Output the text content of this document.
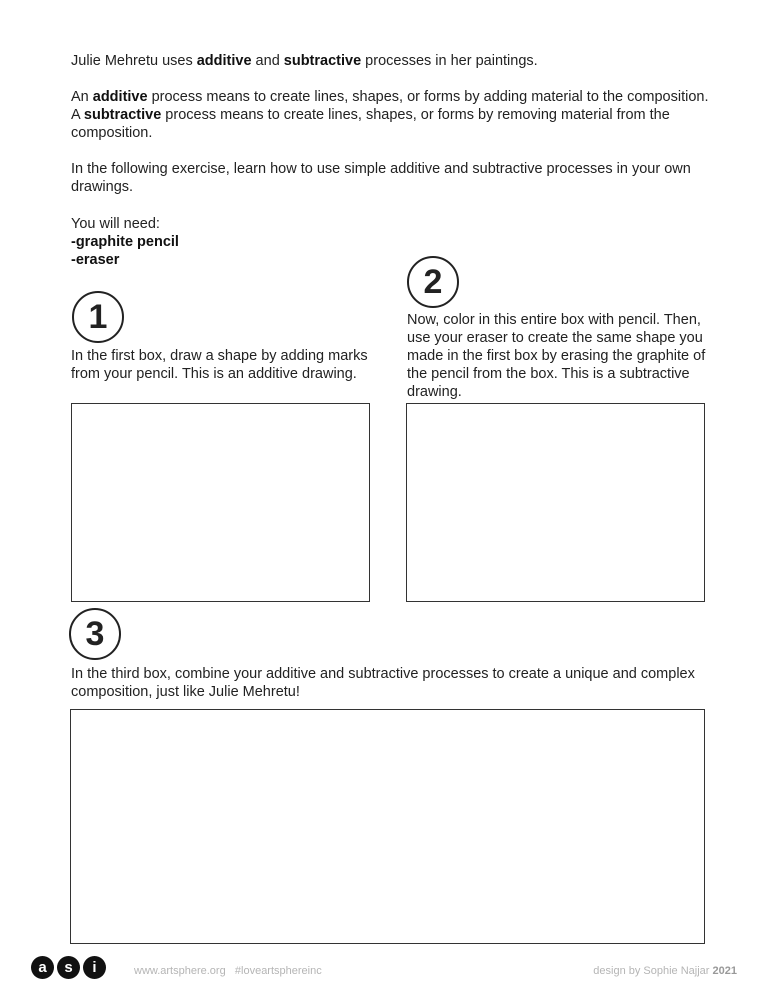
Julie Mehretu uses additive and subtractive processes in her paintings.

An additive process means to create lines, shapes, or forms by adding material to the composition. A subtractive process means to create lines, shapes, or forms by removing material from the composition.

In the following exercise, learn how to use simple additive and subtractive processes in your own drawings.

You will need:
-graphite pencil
-eraser
1

In the first box, draw a shape by adding marks from your pencil. This is an additive drawing.

2

Now, color in this entire box with pencil. Then, use your eraser to create the same shape you made in the first box by erasing the graphite of the pencil from the box. This is a subtractive drawing.

3

In the third box, combine your additive and subtractive processes to create a unique and complex composition, just like Julie Mehretu!

a	s	i	www.artsphere.org #loveartsphereinc	design by Sophie Najjar 2021
